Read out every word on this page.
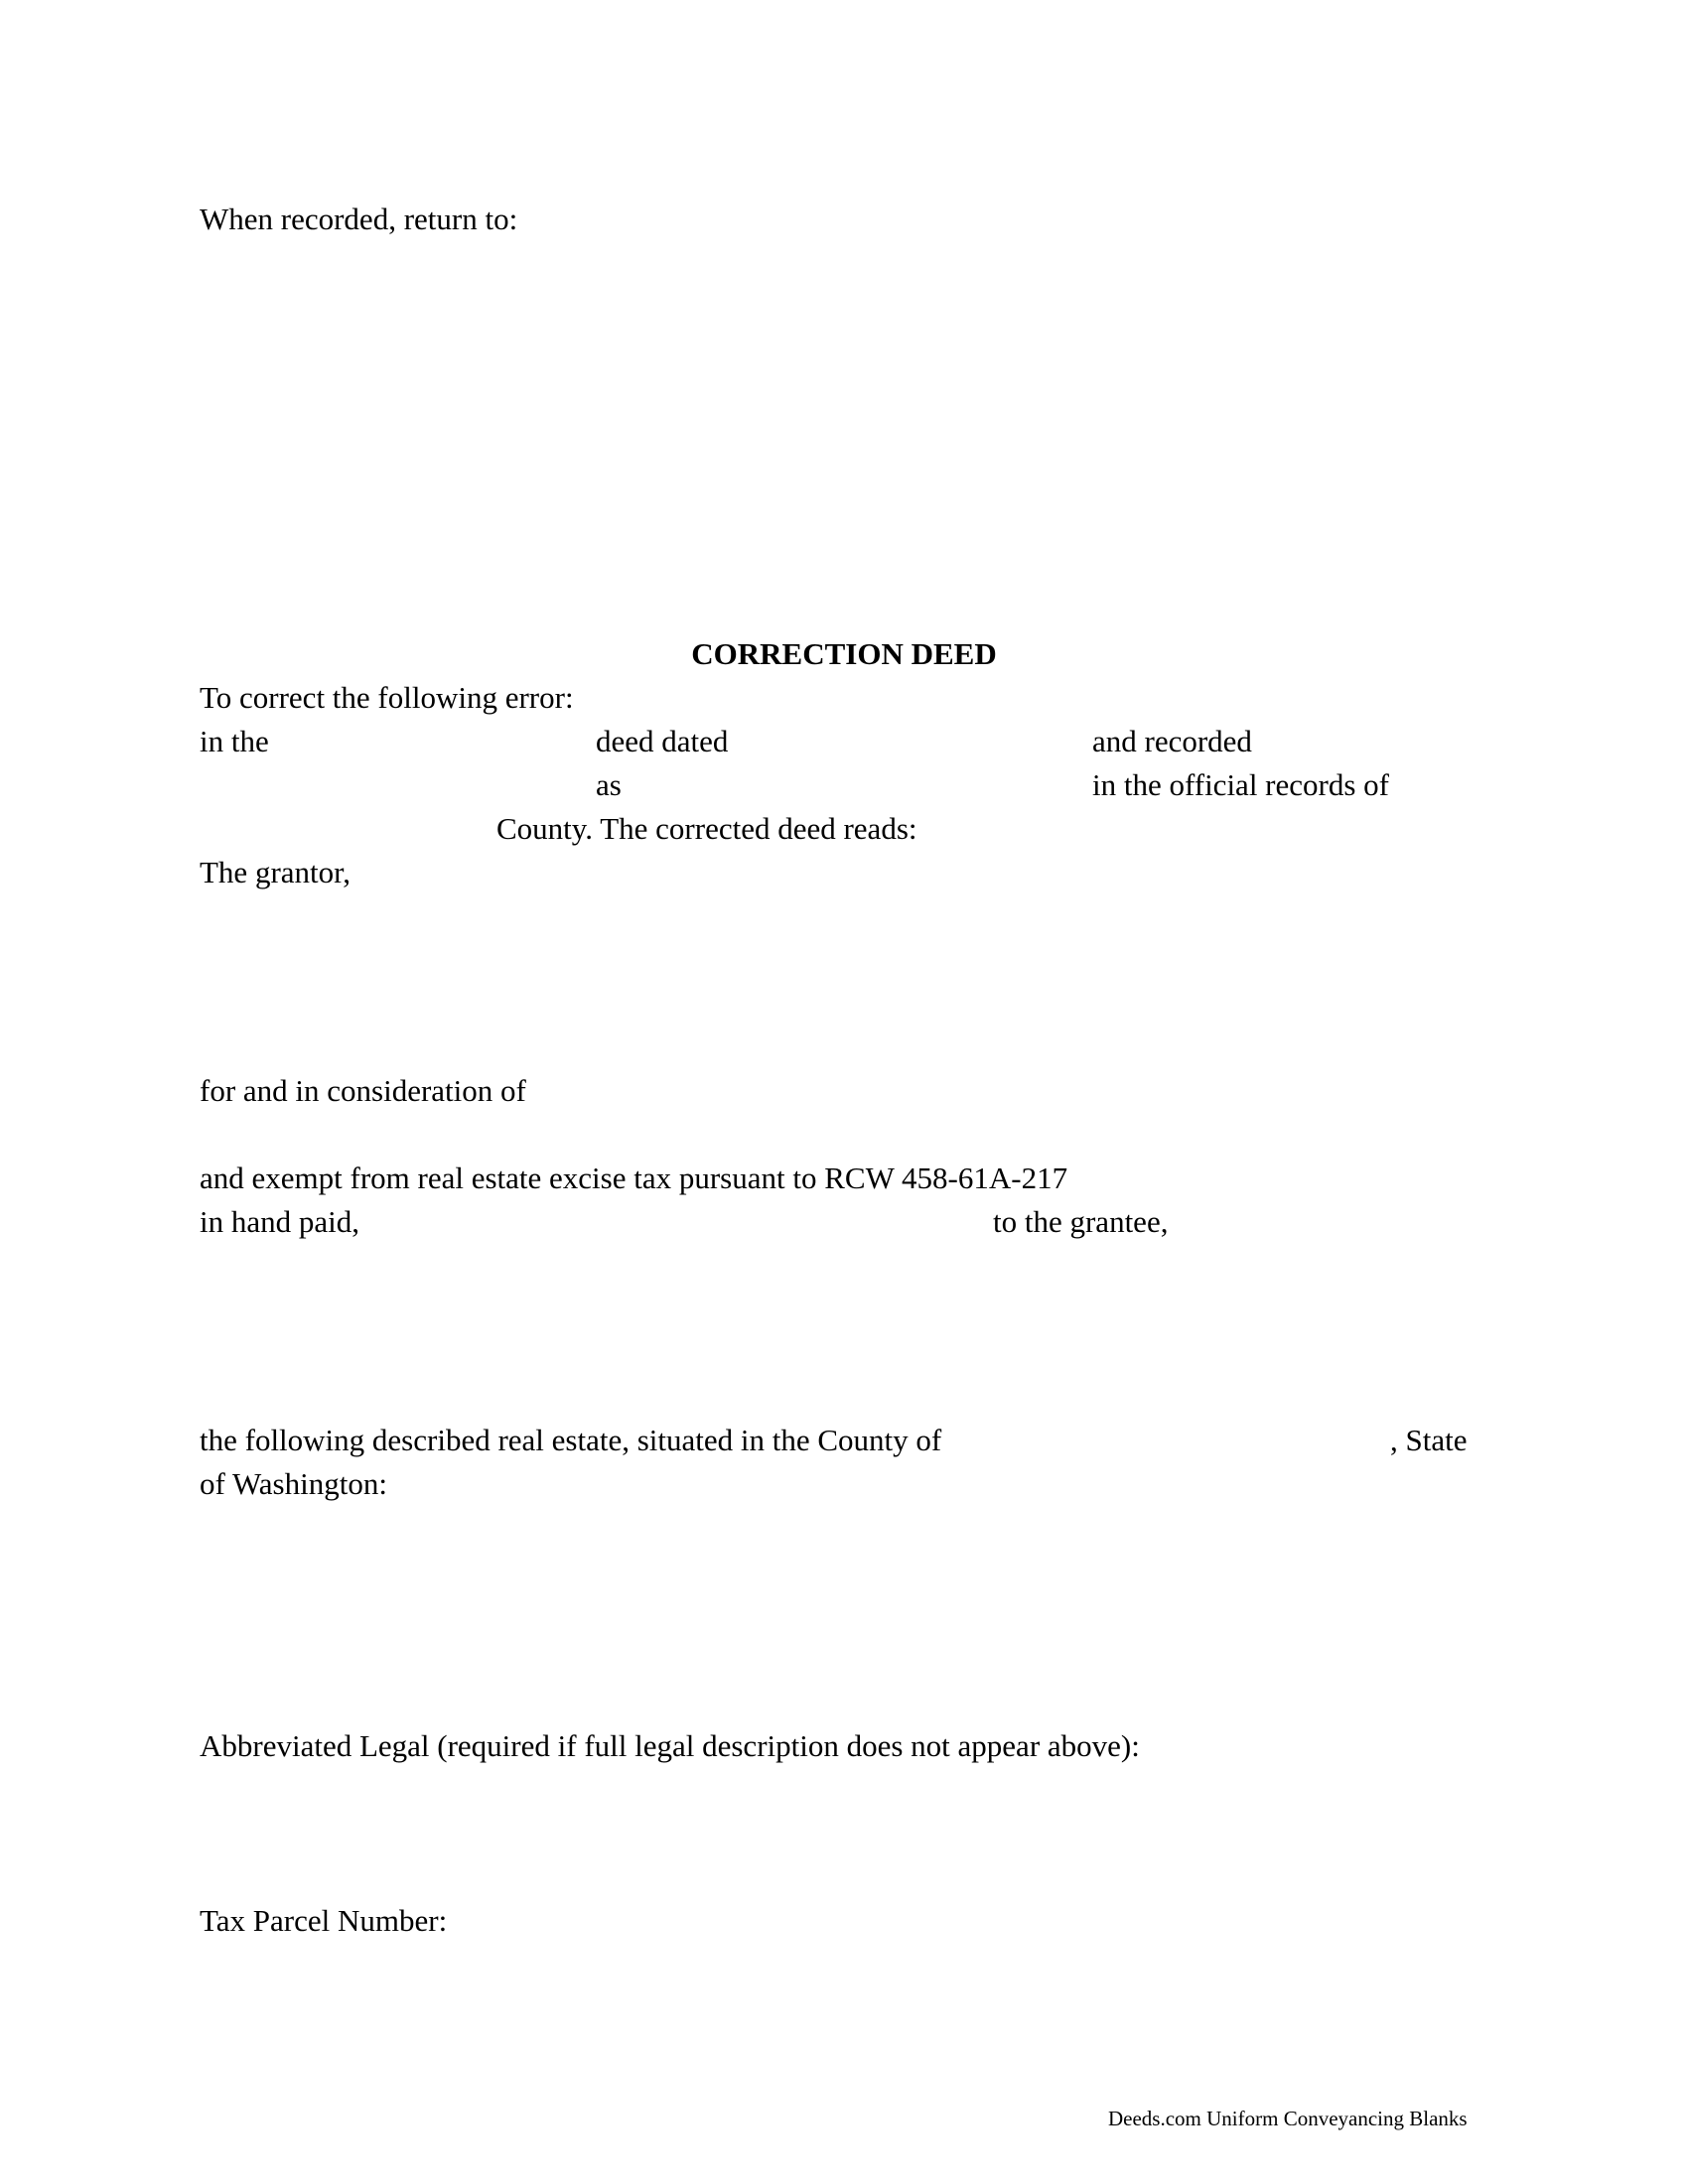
When recorded, return to:
CORRECTION DEED
To correct the following error:
in the	deed dated	and recorded
as	in the official records of
County. The corrected deed reads:
The grantor,
for and in consideration of
and exempt from real estate excise tax pursuant to RCW 458-61A-217
in hand paid,	to the grantee,
the following described real estate, situated in the County of	, State
of Washington:
Abbreviated Legal (required if full legal description does not appear above):
Tax Parcel Number:
Deeds.com Uniform Conveyancing Blanks
